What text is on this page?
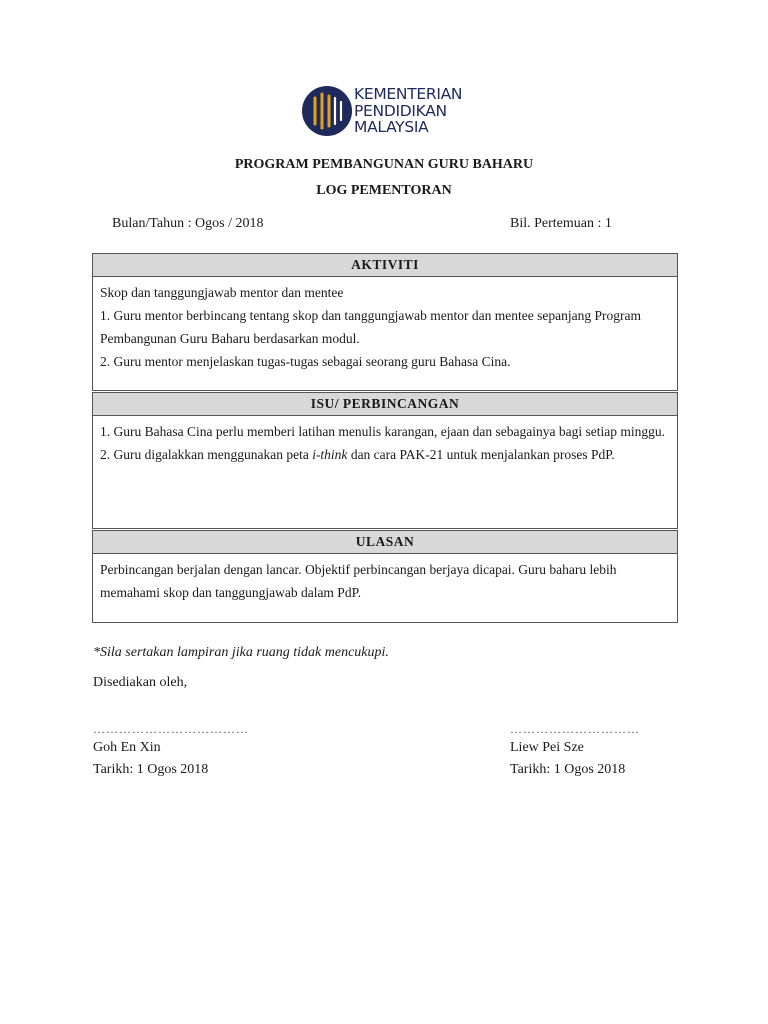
KEMENTERIAN
PENDIDIKAN
MALAYSIA
PROGRAM PEMBANGUNAN GURU BAHARU
LOG PEMENTORAN
Bulan/Tahun : Ogos / 2018	Bil. Pertemuan : 1
AKTIVITI

Skop dan tanggungjawab mentor dan mentee

1. Guru mentor berbincang tentang skop dan tanggungjawab mentor dan mentee sepanjang Program Pembangunan Guru Baharu berdasarkan modul.

2. Guru mentor menjelaskan tugas-tugas sebagai seorang guru Bahasa Cina.

ISU/ PERBINCANGAN

1. Guru Bahasa Cina perlu memberi latihan menulis karangan, ejaan dan sebagainya bagi setiap minggu.

2. Guru digalakkan menggunakan peta i-think dan cara PAK-21 untuk menjalankan proses PdP.

ULASAN

Perbincangan berjalan dengan lancar. Objektif perbincangan berjaya dicapai. Guru baharu lebih memahami skop dan tanggungjawab dalam PdP.

*Sila sertakan lampiran jika ruang tidak mencukupi.
Disediakan oleh,
………………………………	…………………………
Goh En Xin	Liew Pei Sze
Tarikh: 1 Ogos 2018	Tarikh: 1 Ogos 2018
